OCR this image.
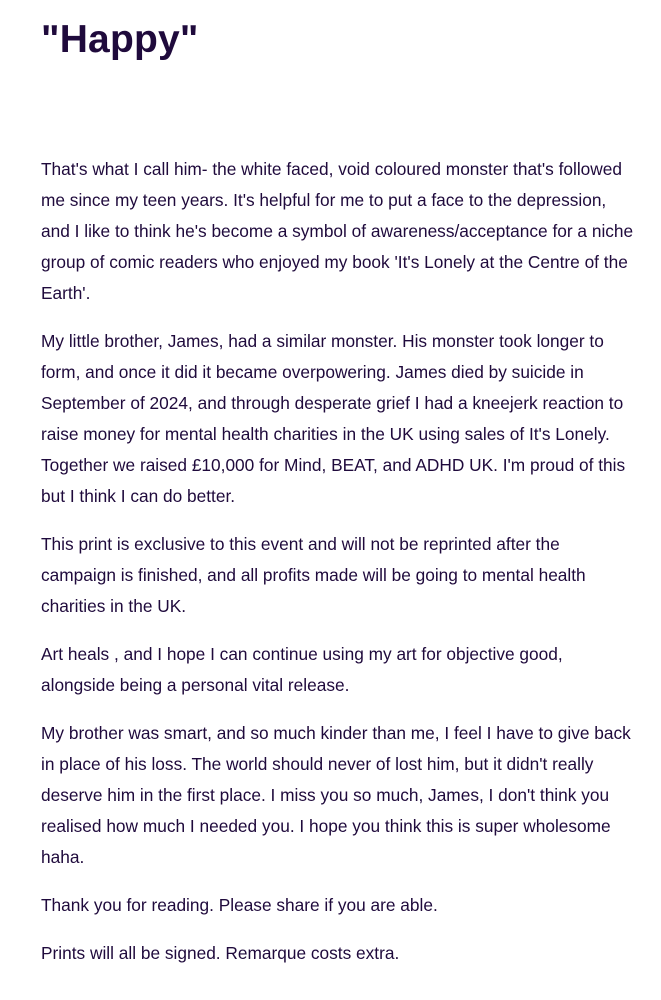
"Happy"

That's what I call him- the white faced, void coloured monster that's followed me since my teen years. It's helpful for me to put a face to the depression, and I like to think he's become a symbol of awareness/acceptance for a niche group of comic readers who enjoyed my book 'It's Lonely at the Centre of the Earth'.

My little brother, James, had a similar monster. His monster took longer to form, and once it did it became overpowering. James died by suicide in September of 2024, and through desperate grief I had a kneejerk reaction to raise money for mental health charities in the UK using sales of It's Lonely. Together we raised £10,000 for Mind, BEAT, and ADHD UK. I'm proud of this but I think I can do better.

This print is exclusive to this event and will not be reprinted after the campaign is finished, and all profits made will be going to mental health charities in the UK.

Art heals , and I hope I can continue using my art for objective good, alongside being a personal vital release.

My brother was smart, and so much kinder than me, I feel I have to give back in place of his loss. The world should never of lost him, but it didn't really deserve him in the first place. I miss you so much, James, I don't think you realised how much I needed you. I hope you think this is super wholesome haha.

Thank you for reading. Please share if you are able.

Prints will all be signed. Remarque costs extra.
